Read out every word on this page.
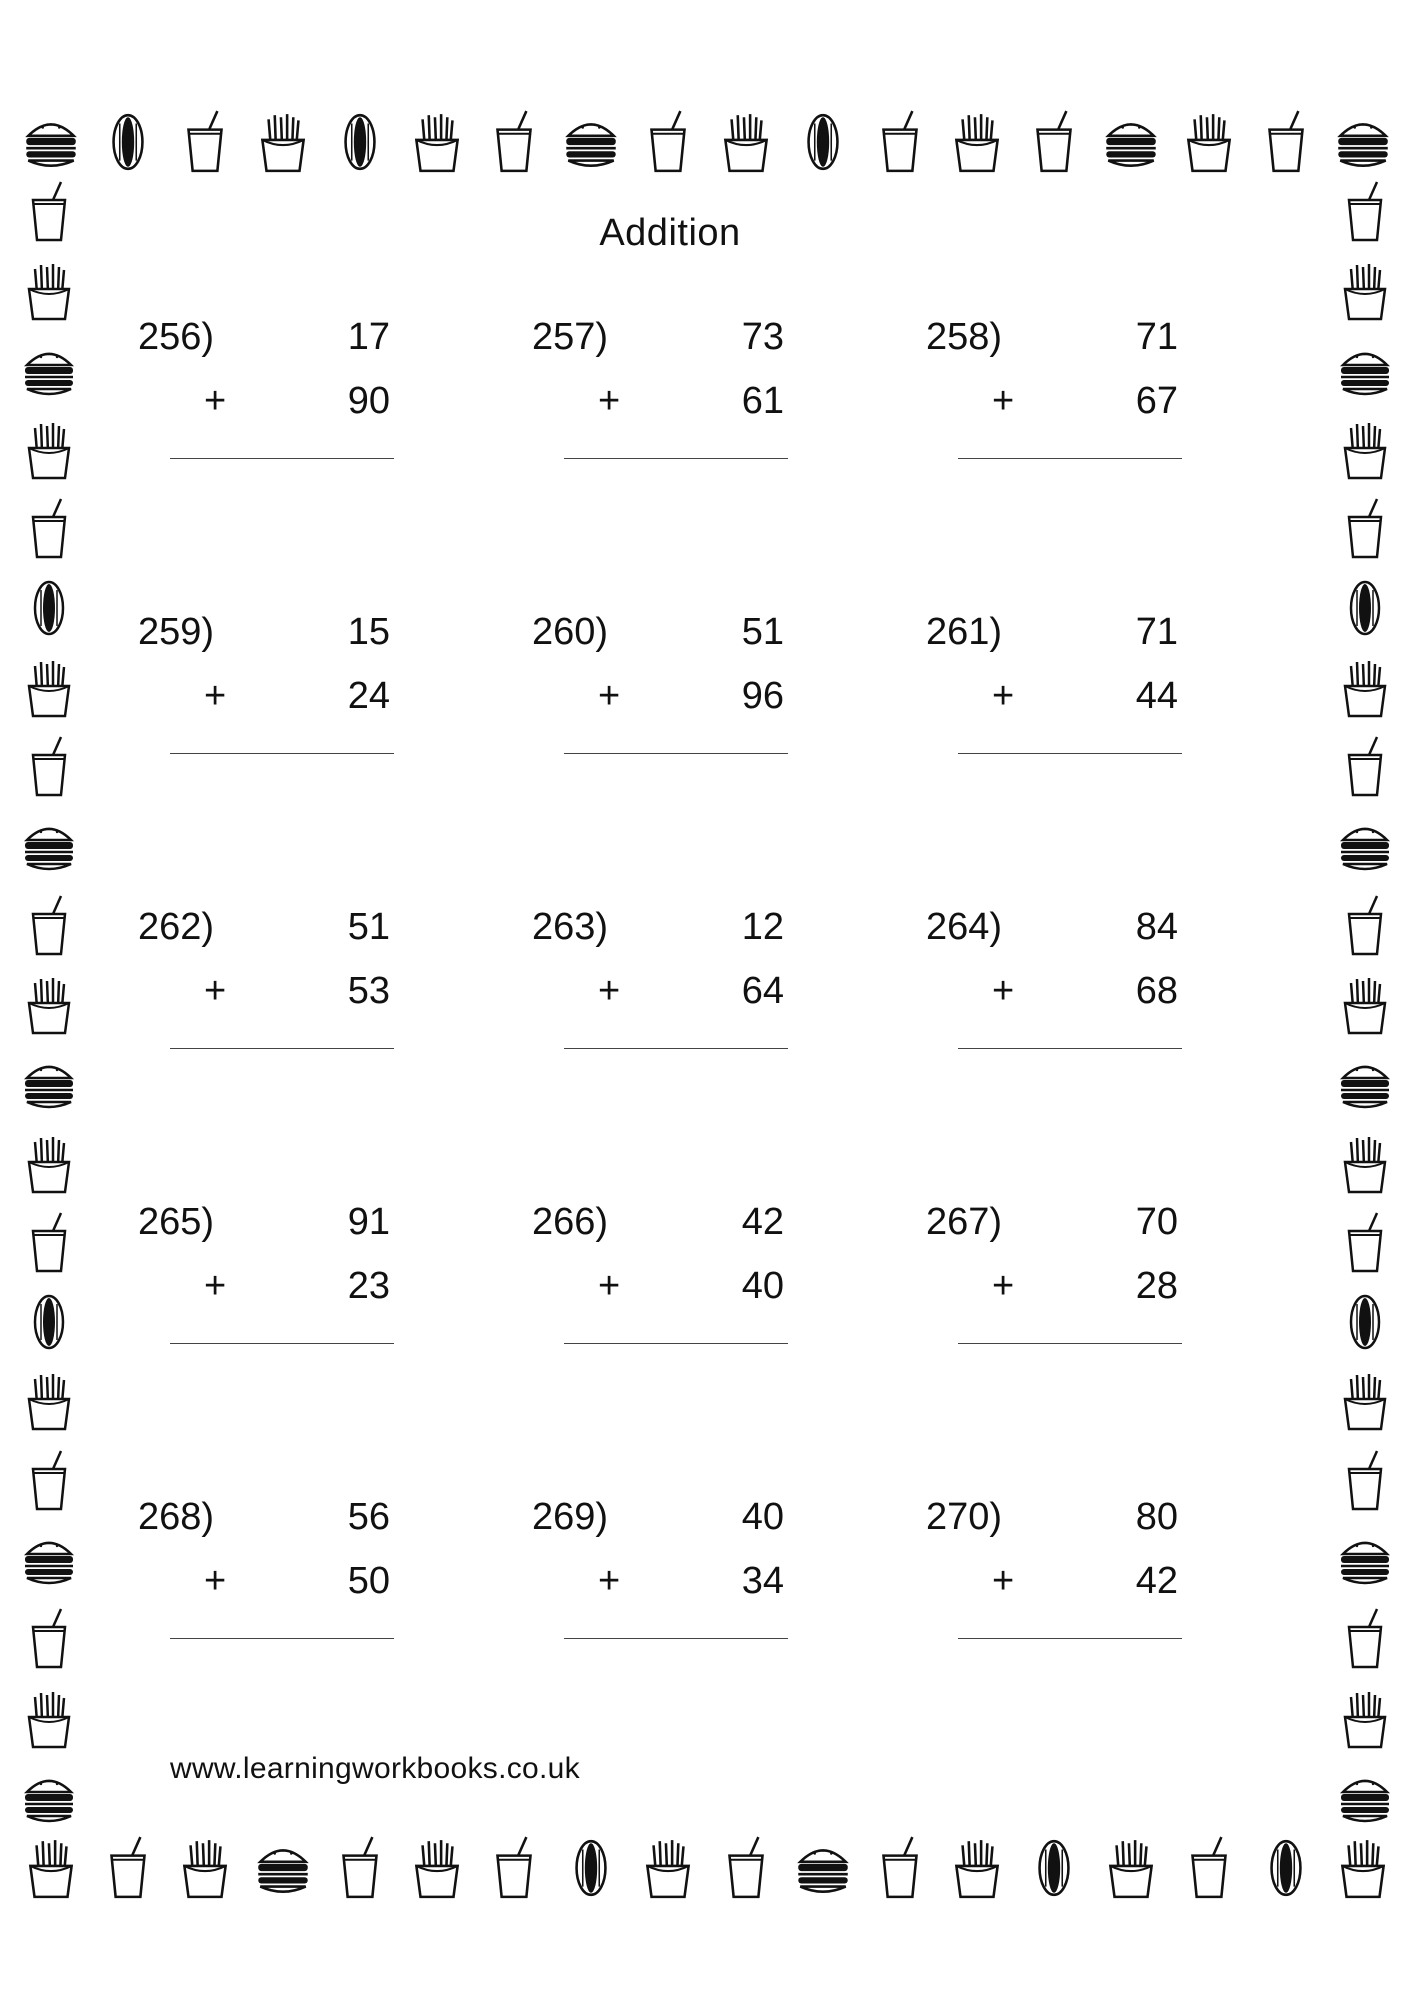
Addition
256)	17
+	90
257)	73
+	61
258)	71
+	67
259)	15
+	24
260)	51
+	96
261)	71
+	44
262)	51
+	53
263)	12
+	64
264)	84
+	68
265)	91
+	23
266)	42
+	40
267)	70
+	28
268)	56
+	50
269)	40
+	34
270)	80
+	42
www.learningworkbooks.co.uk
